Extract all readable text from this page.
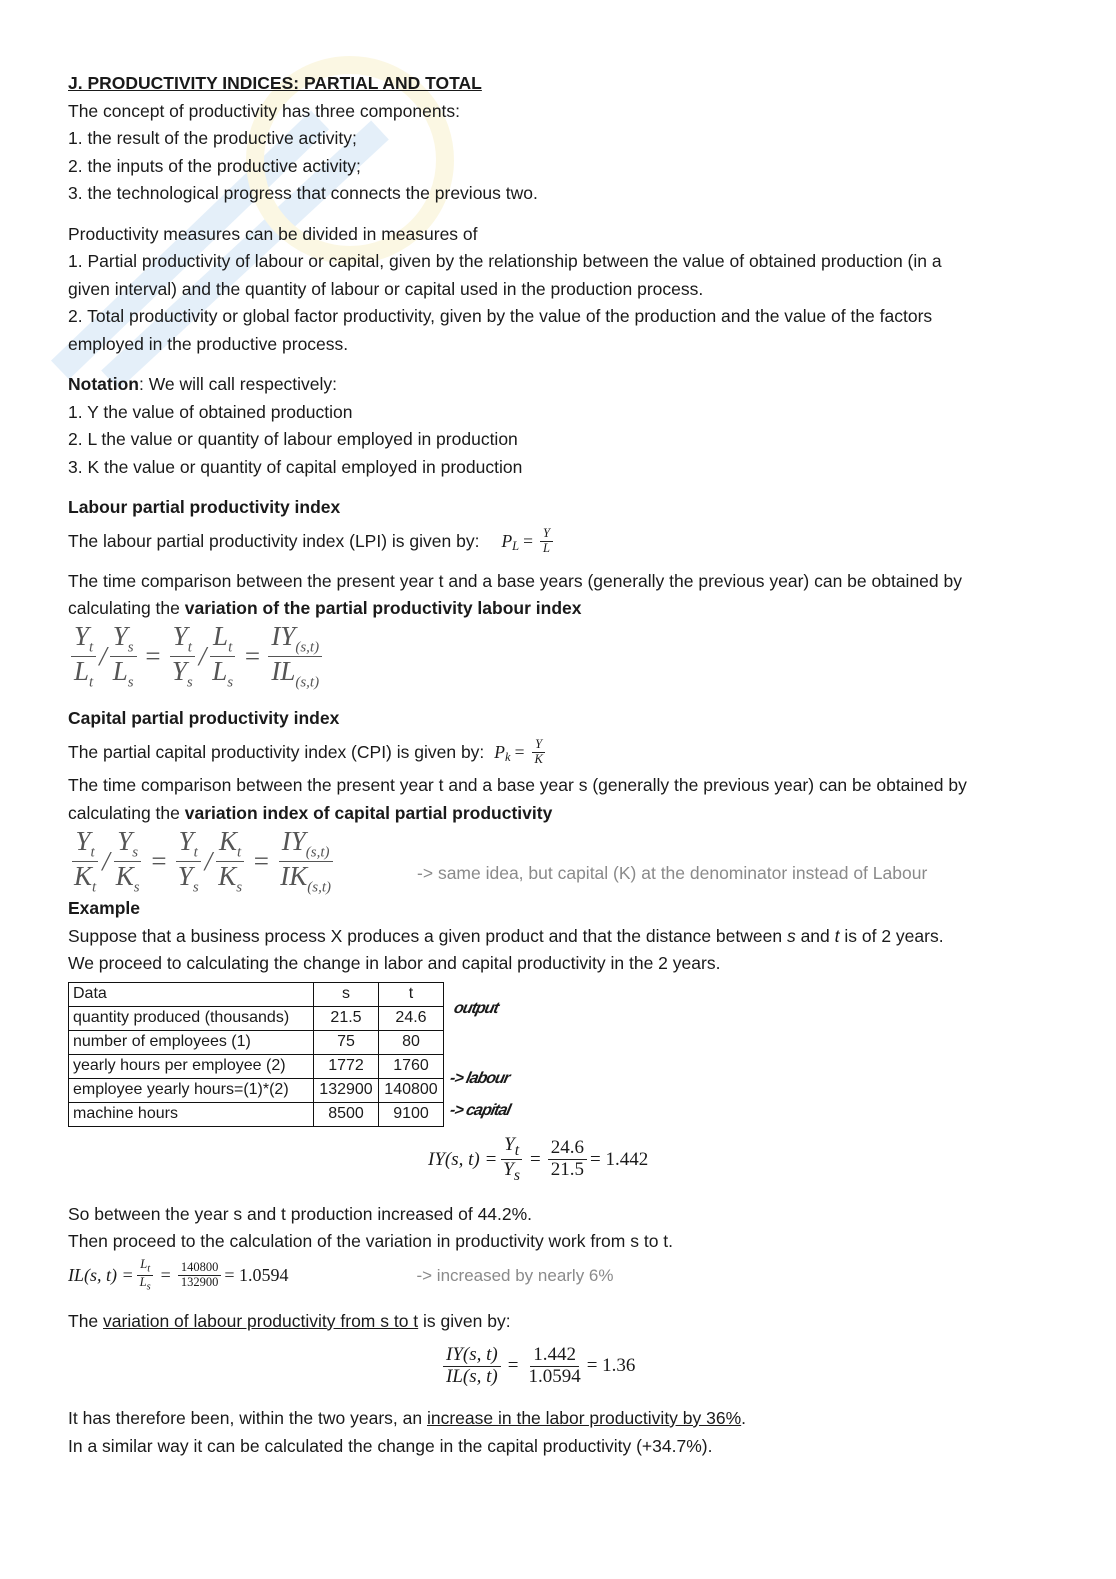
J. PRODUCTIVITY INDICES: PARTIAL AND TOTAL

The concept of productivity has three components:

1. the result of the productive activity;

2. the inputs of the productive activity;

3. the technological progress that connects the previous two.

Productivity measures can be divided in measures of

1. Partial productivity of labour or capital, given by the relationship between the value of obtained production (in a

given interval) and the quantity of labour or capital used in the production process.

2. Total productivity or global factor productivity, given by the value of the production and the value of the factors

employed in the productive process.

Notation: We will call respectively:

1. Y the value of obtained production

2. L the value or quantity of labour employed in production

3. K the value or quantity of capital employed in production

Labour partial productivity index

The labour partial productivity index (LPI) is given by: P $L = \frac{Y}{L}$

The time comparison between the present year t and a base years (generally the previous year) can be obtained by

calculating the variation of the partial productivity labour index

$\frac{Y_t}{L_t} / \frac{Y_s}{L_s} = \frac{Y_t}{Y_s} / \frac{L_t}{L_s} = \frac{IY_{(s,t)}}{IL_{(s,t)}}$

Capital partial productivity index

The partial capital productivity index (CPI) is given by: P $k = \frac{Y}{K}$

The time comparison between the present year t and a base year s (generally the previous year) can be obtained by

calculating the variation index of capital partial productivity

$\frac{Y_t}{K_t} / \frac{Y_s}{K_s} = \frac{Y_t}{Y_s} / \frac{K_t}{K_s} = \frac{IY_{(s,t)}}{IK_{(s,t)}}$	-> same idea, but capital (K) at the denominator instead of Labour

Example

Suppose that a business process X produces a given product and that the distance between s and t is of 2 years.

We proceed to calculating the change in labor and capital productivity in the 2 years.

Data	s	t
quantity produced (thousands)	21.5	24.6
number of employees (1)	75	80
yearly hours per employee (2)	1772	1760
employee yearly hours=(1)*(2)	132900	140800
machine hours	8500	9100
output
-> labour
-> capital
IY(s, $t) = \frac{Y_t}{Y_s} = \frac{24.6}{21.5} = 1.442$

So between the year s and t production increased of 44.2%.

Then proceed to the calculation of the variation in productivity work from s to t.

IL(s, $t) = \frac{L_t}{L_s} = \frac{140800}{132900} = 1.0594$	-> increased by nearly 6%

The variation of labour productivity from s to t is given by:

$\frac{IY(s, t)}{IL(s, t)} = \frac{1.442}{1.0594} = 1.36$

It has therefore been, within the two years, an increase in the labor productivity by 36%.

In a similar way it can be calculated the change in the capital productivity (+34.7%).
